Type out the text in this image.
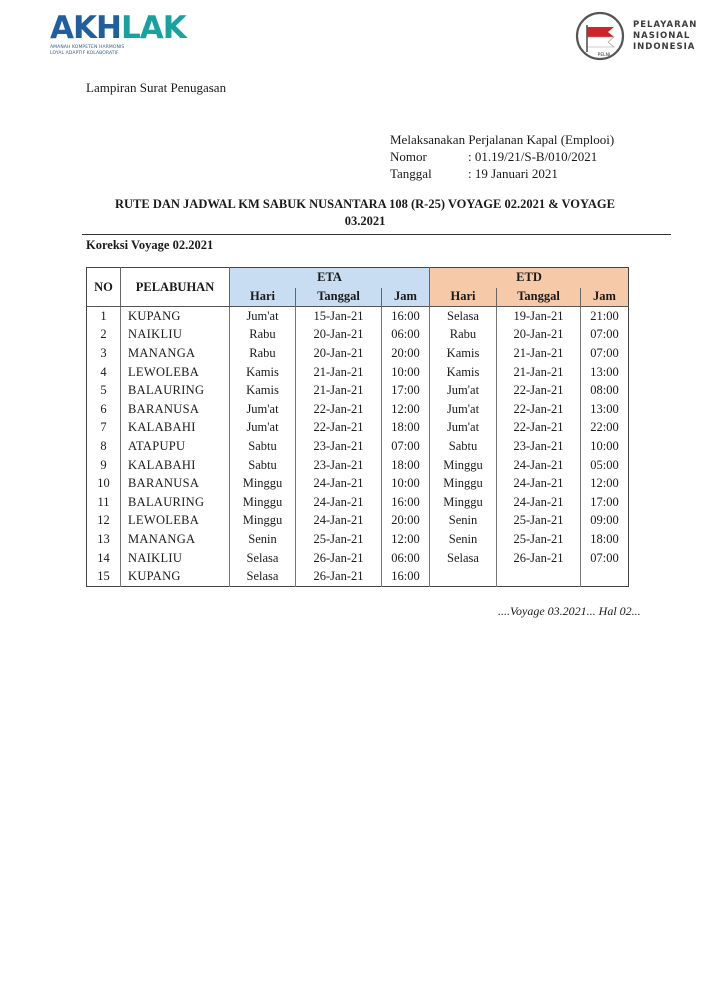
AKHLAK
AMANAH KOMPETEN HARMONIS
LOYAL ADAPTIF KOLABORATIF	PELNI
PELAYARAN
NASIONAL
INDONESIA
Lampiran Surat Penugasan
Melaksanakan Perjalanan Kapal (Emplooi)
Nomor	: 01.19/21/S-B/010/2021
Tanggal	: 19 Januari 2021
RUTE DAN JADWAL KM SABUK NUSANTARA 108 (R-25) VOYAGE 02.2021 & VOYAGE
03.2021
Koreksi Voyage 02.2021
NO	PELABUHAN	ETA			ETD		
		Hari	Tanggal	Jam	Hari	Tanggal	Jam
1	KUPANG	Jum'at	15-Jan-21	16:00	Selasa	19-Jan-21	21:00
2	NAIKLIU	Rabu	20-Jan-21	06:00	Rabu	20-Jan-21	07:00
3	MANANGA	Rabu	20-Jan-21	20:00	Kamis	21-Jan-21	07:00
4	LEWOLEBA	Kamis	21-Jan-21	10:00	Kamis	21-Jan-21	13:00
5	BALAURING	Kamis	21-Jan-21	17:00	Jum'at	22-Jan-21	08:00
6	BARANUSA	Jum'at	22-Jan-21	12:00	Jum'at	22-Jan-21	13:00
7	KALABAHI	Jum'at	22-Jan-21	18:00	Jum'at	22-Jan-21	22:00
8	ATAPUPU	Sabtu	23-Jan-21	07:00	Sabtu	23-Jan-21	10:00
9	KALABAHI	Sabtu	23-Jan-21	18:00	Minggu	24-Jan-21	05:00
10	BARANUSA	Minggu	24-Jan-21	10:00	Minggu	24-Jan-21	12:00
11	BALAURING	Minggu	24-Jan-21	16:00	Minggu	24-Jan-21	17:00
12	LEWOLEBA	Minggu	24-Jan-21	20:00	Senin	25-Jan-21	09:00
13	MANANGA	Senin	25-Jan-21	12:00	Senin	25-Jan-21	18:00
14	NAIKLIU	Selasa	26-Jan-21	06:00	Selasa	26-Jan-21	07:00
15	KUPANG	Selasa	26-Jan-21	16:00			
....Voyage 03.2021... Hal 02...
